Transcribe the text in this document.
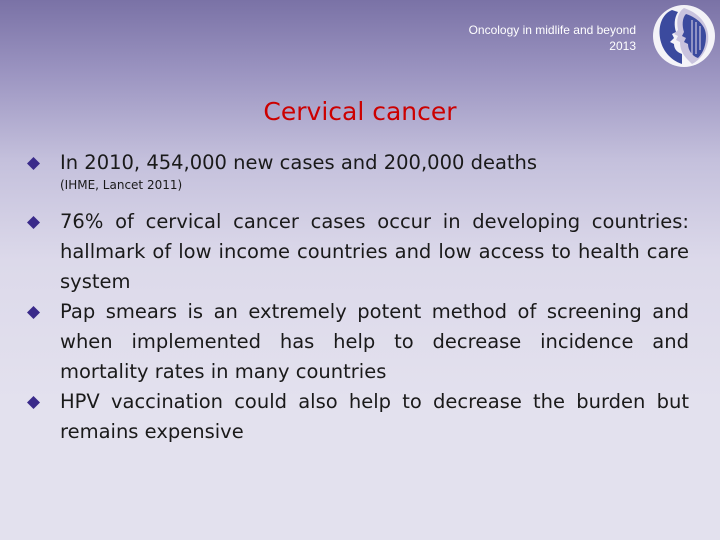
Oncology in midlife and beyond
2013
Cervical cancer
In 2010, 454,000 new cases and 200,000 deaths
(IHME, Lancet 2011)
76% of cervical cancer cases occur in developing countries: hallmark of low income countries and low access to health care system
Pap smears is an extremely potent method of screening and when implemented has help to decrease incidence and mortality rates in many countries
HPV vaccination could also help to decrease the burden but remains expensive
